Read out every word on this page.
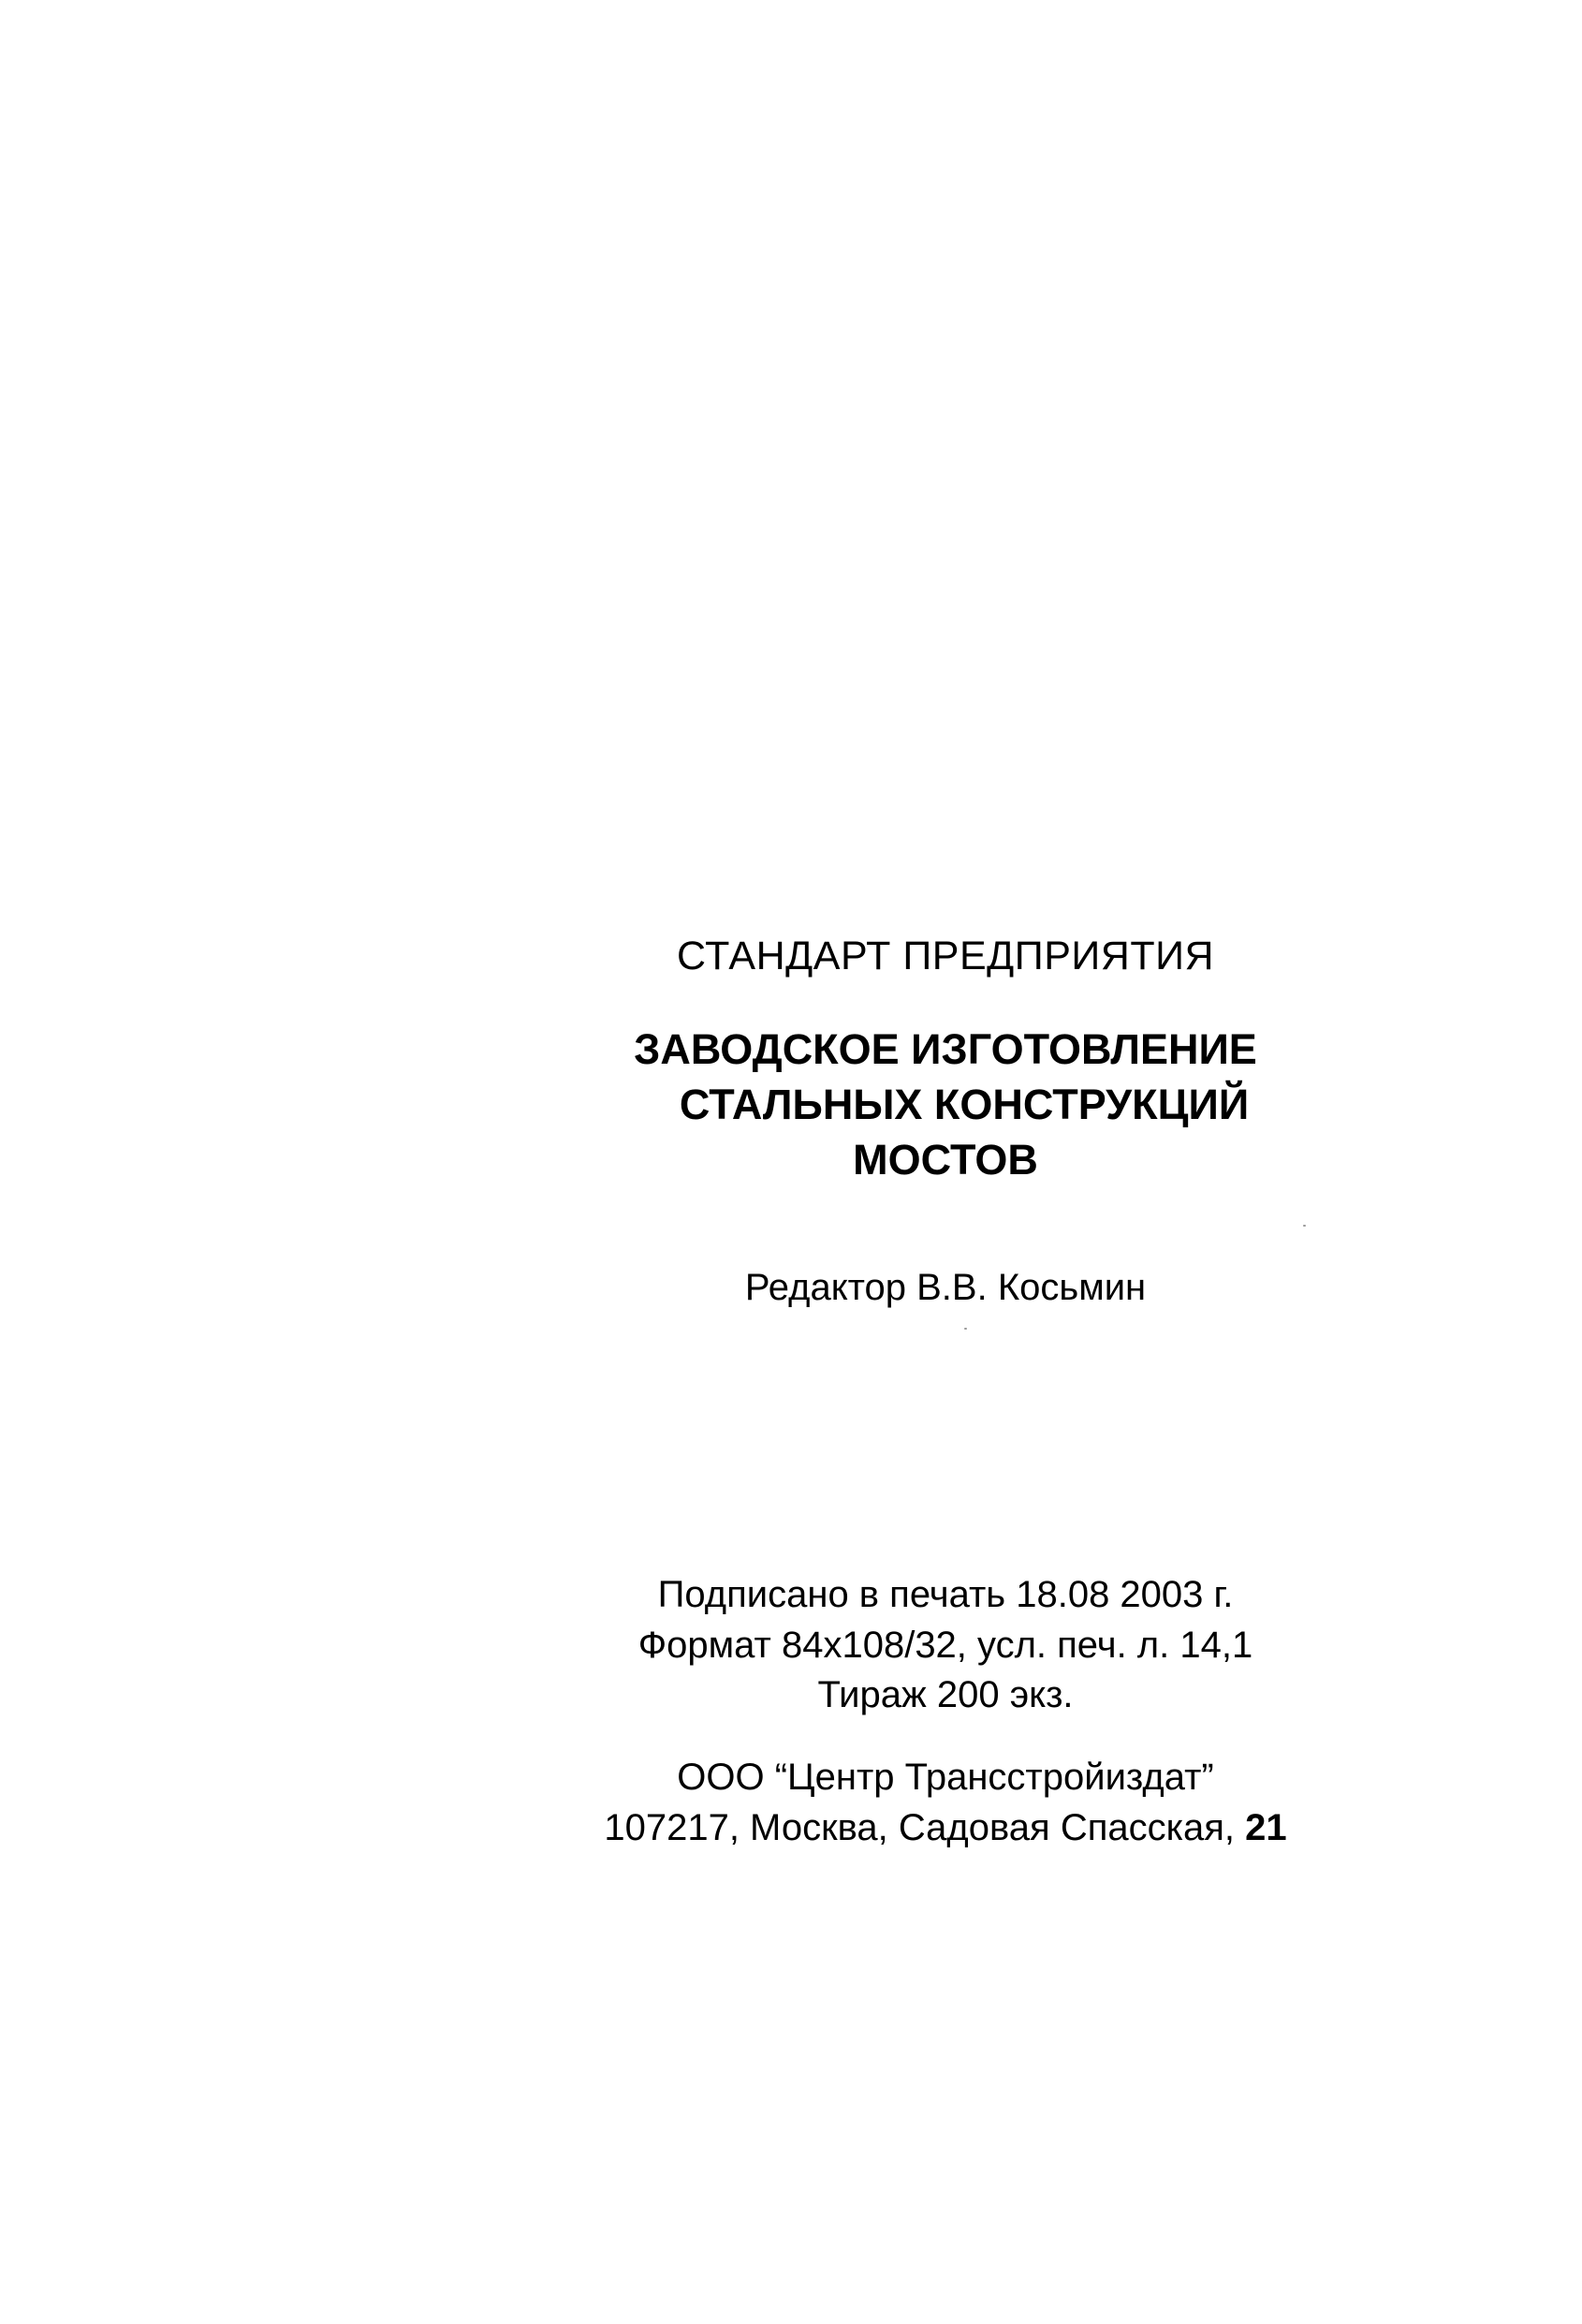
СТАНДАРТ ПРЕДПРИЯТИЯ
ЗАВОДСКОЕ ИЗГОТОВЛЕНИЕ
СТАЛЬНЫХ КОНСТРУКЦИЙ
МОСТОВ
Редактор В.В. Косьмин
Подписано в печать 18.08 2003 г.
Формат 84x108/32, усл. печ. л. 14,1
Тираж 200 экз.
ООО “Центр Трансстройиздат”
107217, Москва, Садовая Спасская, 21
